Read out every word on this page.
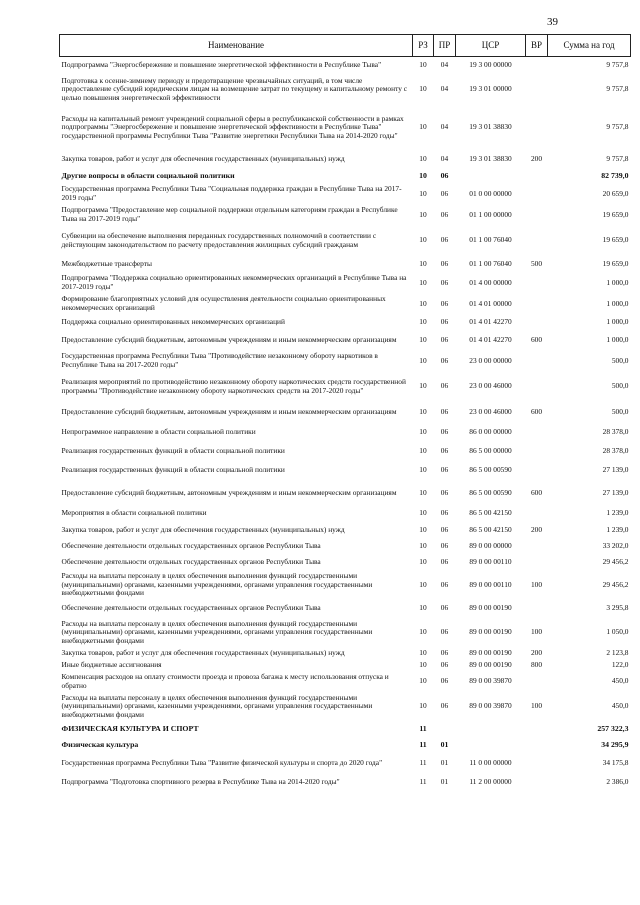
39
Наименование	РЗ	ПР	ЦСР	ВР	Сумма на год
Подпрограмма "Энергосбережение и повышение энергетической эффективности в Республике Тыва"	10	04	19 3 00 00000		9 757,8
Подготовка к осенне-зимнему периоду и предотвращение чрезвычайных ситуаций, в том числе предоставление субсидий юридическим лицам на возмещение затрат по текущему и капитальному ремонту с целью повышения энергетической эффективности	10	04	19 3 01 00000		9 757,8
Расходы на капитальный ремонт учреждений социальной сферы в республиканской собственности в рамках подпрограммы "Энергосбережение и повышение энергетической эффективности в Республике Тыва" государственной программы Республики Тыва "Развитие энергетики Республики Тыва на 2014-2020 годы"	10	04	19 3 01 38830		9 757,8
Закупка товаров, работ и услуг для обеспечения государственных (муниципальных) нужд	10	04	19 3 01 38830	200	9 757,8
Другие вопросы в области социальной политики	10	06			82 739,0
Государственная программа Республики Тыва "Социальная поддержка граждан в Республике Тыва на 2017-2019 годы"	10	06	01 0 00 00000		20 659,0
Подпрограмма "Предоставление мер социальной поддержки отдельным категориям граждан в Республике Тыва на 2017-2019 годы"	10	06	01 1 00 00000		19 659,0
Субвенции на обеспечение выполнения переданных государственных полномочий в соответствии с действующим законодательством по расчету предоставления жилищных субсидий гражданам	10	06	01 1 00 76040		19 659,0
Межбюджетные трансферты	10	06	01 1 00 76040	500	19 659,0
Подпрограмма "Поддержка социально ориентированных некоммерческих организаций в Республике Тыва на 2017-2019 годы"	10	06	01 4 00 00000		1 000,0
Формирование благоприятных условий для осуществления деятельности социально ориентированных некоммерческих организаций	10	06	01 4 01 00000		1 000,0
Поддержка социально ориентированных некоммерческих организаций	10	06	01 4 01 42270		1 000,0
Предоставление субсидий бюджетным, автономным учреждениям и иным некоммерческим организациям	10	06	01 4 01 42270	600	1 000,0
Государственная программа Республики Тыва "Противодействие незаконному обороту наркотиков в Республике Тыва на 2017-2020 годы"	10	06	23 0 00 00000		500,0
Реализация мероприятий по противодействию незаконному обороту наркотических средств государственной программы "Противодействие незаконному обороту наркотических средств на 2017-2020 годы"	10	06	23 0 00 46000		500,0
Предоставление субсидий бюджетным, автономным учреждениям и иным некоммерческим организациям	10	06	23 0 00 46000	600	500,0
Непрограммное направление в области социальной политики	10	06	86 0 00 00000		28 378,0
Реализация государственных функций в области социальной политики	10	06	86 5 00 00000		28 378,0
Реализация государственных функций в области социальной политики	10	06	86 5 00 00590		27 139,0
Предоставление субсидий бюджетным, автономным учреждениям и иным некоммерческим организациям	10	06	86 5 00 00590	600	27 139,0
Мероприятия в области социальной политики	10	06	86 5 00 42150		1 239,0
Закупка товаров, работ и услуг для обеспечения государственных (муниципальных) нужд	10	06	86 5 00 42150	200	1 239,0
Обеспечение деятельности отдельных государственных органов Республики Тыва	10	06	89 0 00 00000		33 202,0
Обеспечение деятельности отдельных государственных органов Республики Тыва	10	06	89 0 00 00110		29 456,2
Расходы на выплаты персоналу в целях обеспечения выполнения функций государственными (муниципальными) органами, казенными учреждениями, органами управления государственными внебюджетными фондами	10	06	89 0 00 00110	100	29 456,2
Обеспечение деятельности отдельных государственных органов Республики Тыва	10	06	89 0 00 00190		3 295,8
Расходы на выплаты персоналу в целях обеспечения выполнения функций государственными (муниципальными) органами, казенными учреждениями, органами управления государственными внебюджетными фондами	10	06	89 0 00 00190	100	1 050,0
Закупка товаров, работ и услуг для обеспечения государственных (муниципальных) нужд	10	06	89 0 00 00190	200	2 123,8
Иные бюджетные ассигнования	10	06	89 0 00 00190	800	122,0
Компенсация расходов на оплату стоимости проезда и провоза багажа к месту использования отпуска и обратно	10	06	89 0 00 39870		450,0
Расходы на выплаты персоналу в целях обеспечения выполнения функций государственными (муниципальными) органами, казенными учреждениями, органами управления государственными внебюджетными фондами	10	06	89 0 00 39870	100	450,0
ФИЗИЧЕСКАЯ КУЛЬТУРА И СПОРТ	11				257 322,3
Физическая культура	11	01			34 295,9
Государственная программа Республики Тыва "Развитие физической культуры и спорта до 2020 года"	11	01	11 0 00 00000		34 175,8
Подпрограмма "Подготовка спортивного резерва в Республике Тыва на 2014-2020 годы"	11	01	11 2 00 00000		2 386,0
